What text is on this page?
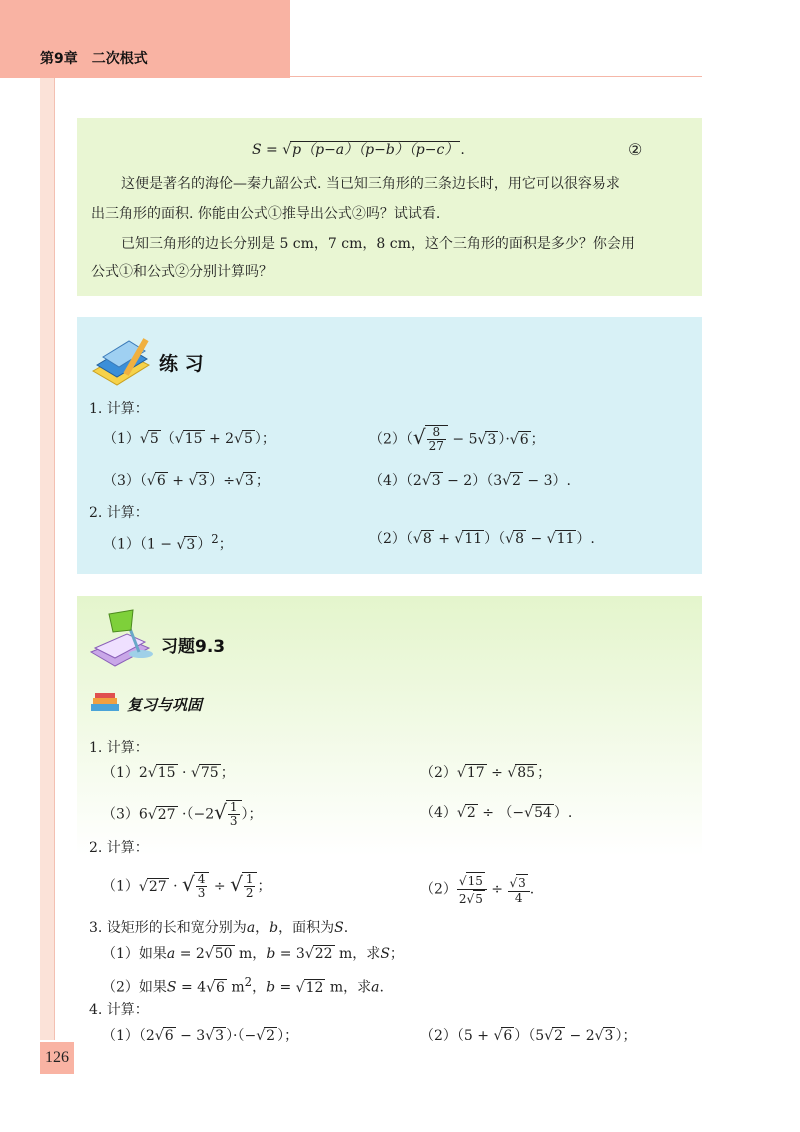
第9章　二次根式
126
S = √p（p−a）（p−b）（p−c） .	②
这便是著名的海伦—秦九韶公式. 当已知三角形的三条边长时，用它可以很容易求
出三角形的面积. 你能由公式①推导出公式②吗？试试看.
已知三角形的边长分别是 5 cm，7 cm，8 cm，这个三角形的面积是多少？你会用
公式①和公式②分别计算吗？
练 习
1. 计算：
（1）√5 （√15 + 2√5 ）；	$(2)(√ \frac{8}{27} - 5√3$ ）·√6 ；
（3）（√6 + √3 ）÷√3 ；	（4）（2√3 − 2）（3√2 − 3）.
2. 计算：
（1）（1 − √3 ）$^2$；	（2）（√8 + √11 ）（√8 − √11 ）.
习题9.3
复习与巩固
1. 计算：
（1）2√15 · √75 ；	（2）√17 ÷ √85 ；
$(3)6√27 \cdot(-2√ \frac{1}{3}$ ）；	（4）√2 ÷ （−√54 ）.
2. 计算：
（1）√27 · √ $\frac{4}{3}$ ÷ √ $\frac{1}{2}$ ；	$(2) \frac{√15}{2√5} \div \frac{√3}{4}$ .
3. 设矩形的长和宽分别为a，b，面积为S.
（1）如果a = 2√50 m，b = 3√22 m，求S；
（2）如果S = 4√6 $m^2$，b = √12 m，求a.
4. 计算：
（1）（2√6 − 3√3 ）·（−√2 ）；	（2）（5 + √6 ）（5√2 − 2√3 ）；
